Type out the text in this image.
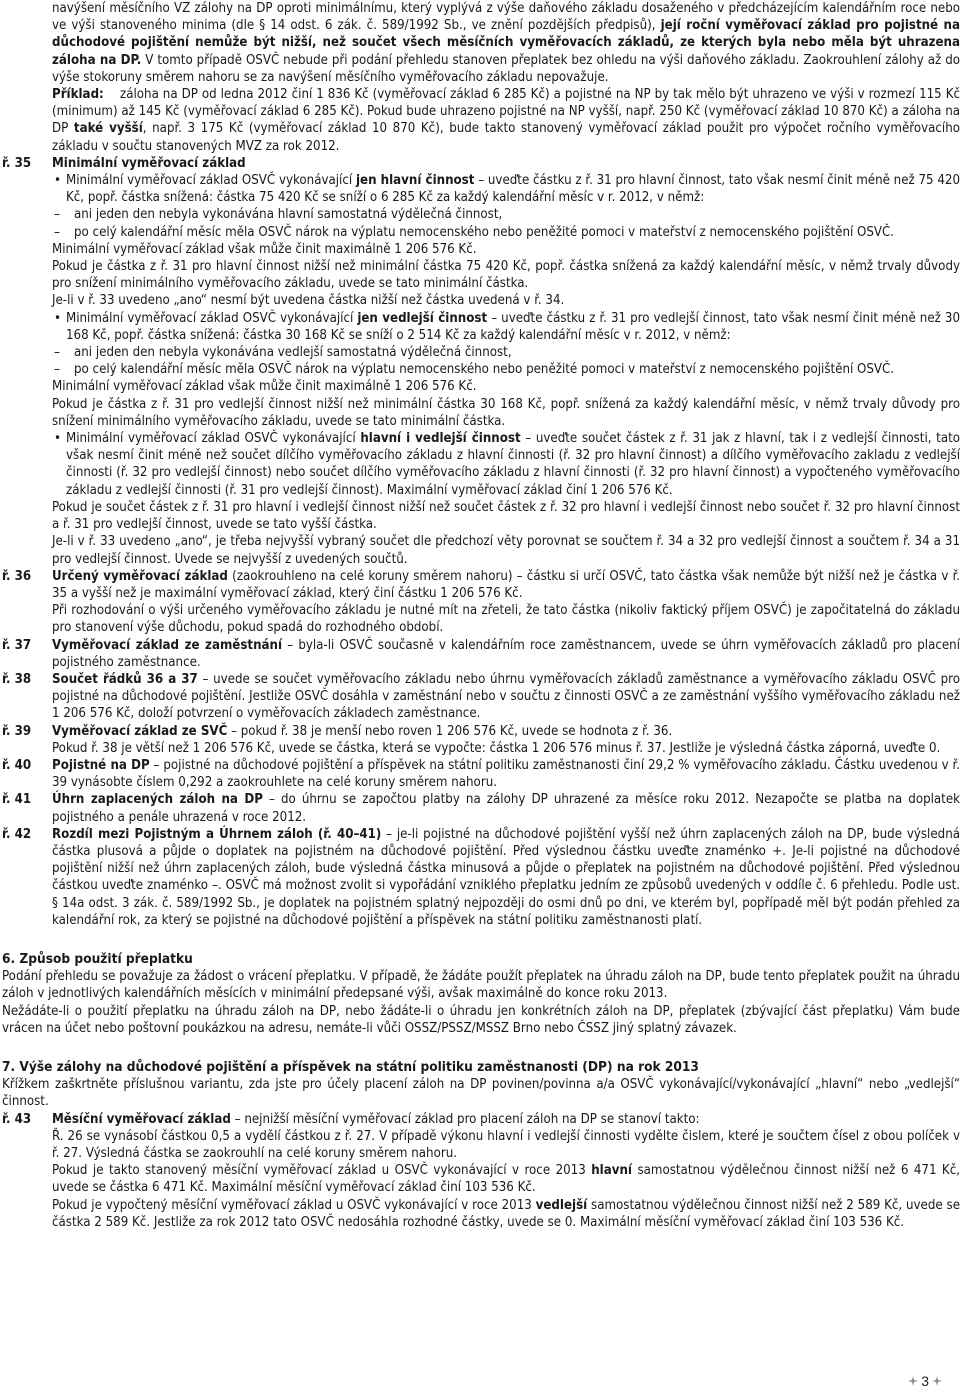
navýšení měsíčního VZ zálohy na DP oproti minimálnímu, který vyplývá z výše daňového základu dosaženého v předcházejícím kalendářním roce nebo ve výši stanoveného minima (dle § 14 odst. 6 zák. č. 589/1992 Sb., ve znění pozdějších předpisů), její roční vyměřovací základ pro pojistné na důchodové pojištění nemůže být nižší, než součet všech měsíčních vyměřovacích základů, ze kterých byla nebo měla být uhrazena záloha na DP. V tomto případě OSVČ nebude při podání přehledu stanoven přeplatek bez ohledu na výši daňového základu. Zaokrouhlení zálohy až do výše stokoruny směrem nahoru se za navýšení měsíčního vyměřovacího základu nepovažuje.

Příklad:	záloha na DP od ledna 2012 činí 1 836 Kč (vyměřovací základ 6 285 Kč) a pojistné na NP by tak mělo být uhrazeno ve výši v rozmezí 115 Kč (minimum) až 145 Kč (vyměřovací základ 6 285 Kč). Pokud bude uhrazeno pojistné na NP vyšší, např. 250 Kč (vyměřovací základ 10 870 Kč) a záloha na DP také vyšší, např. 3 175 Kč (vyměřovací základ 10 870 Kč), bude takto stanovený vyměřovací základ použit pro výpočet ročního vyměřovacího základu v součtu stanovených MVZ za rok 2012.

ř. 35 Minimální vyměřovací základ

• Minimální vyměřovací základ OSVČ vykonávající jen hlavní činnost – uveďte částku z ř. 31 pro hlavní činnost, tato však nesmí činit méně než 75 420 Kč, popř. částka snížená: částka 75 420 Kč se sníží o 6 285 Kč za každý kalendářní měsíc v r. 2012, v němž:

– ani jeden den nebyla vykonávána hlavní samostatná výdělečná činnost,

– po celý kalendářní měsíc měla OSVČ nárok na výplatu nemocenského nebo peněžité pomoci v mateřství z nemocenského pojištění OSVČ.

Minimální vyměřovací základ však může činit maximálně 1 206 576 Kč.

Pokud je částka z ř. 31 pro hlavní činnost nižší než minimální částka 75 420 Kč, popř. částka snížená za každý kalendářní měsíc, v němž trvaly důvody pro snížení minimálního vyměřovacího základu, uvede se tato minimální částka.

Je-li v ř. 33 uvedeno „ano“ nesmí být uvedena částka nižší než částka uvedená v ř. 34.

• Minimální vyměřovací základ OSVČ vykonávající jen vedlejší činnost – uveďte částku z ř. 31 pro vedlejší činnost, tato však nesmí činit méně než 30 168 Kč, popř. částka snížená: částka 30 168 Kč se sníží o 2 514 Kč za každý kalendářní měsíc v r. 2012, v němž:

– ani jeden den nebyla vykonávána vedlejší samostatná výdělečná činnost,

– po celý kalendářní měsíc měla OSVČ nárok na výplatu nemocenského nebo peněžité pomoci v mateřství z nemocenského pojištění OSVČ.

Minimální vyměřovací základ však může činit maximálně 1 206 576 Kč.

Pokud je částka z ř. 31 pro vedlejší činnost nižší než minimální částka 30 168 Kč, popř. snížená za každý kalendářní měsíc, v němž trvaly důvody pro snížení minimálního vyměřovacího základu, uvede se tato minimální částka.

• Minimální vyměřovací základ OSVČ vykonávající hlavní i vedlejší činnost – uveďte součet částek z ř. 31 jak z hlavní, tak i z vedlejší činnosti, tato však nesmí činit méně než součet dílčího vyměřovacího základu z hlavní činnosti (ř. 32 pro hlavní činnost) a dílčího vyměřovacího zakladu z vedlejší činnosti (ř. 32 pro vedlejší činnost) nebo součet dílčího vyměřovacího základu z hlavní činnosti (ř. 32 pro hlavní činnost) a vypočteného vyměřovacího základu z vedlejší činnosti (ř. 31 pro vedlejší činnost). Maximální vyměřovací základ činí 1 206 576 Kč.

Pokud je součet částek z ř. 31 pro hlavní i vedlejší činnost nižší než součet částek z ř. 32 pro hlavní i vedlejší činnost nebo součet ř. 32 pro hlavní činnost a ř. 31 pro vedlejší činnost, uvede se tato vyšší částka.

Je-li v ř. 33 uvedeno „ano“, je třeba nejvyšší vybraný součet dle předchozí věty porovnat se součtem ř. 34 a 32 pro vedlejší činnost a součtem ř. 34 a 31 pro vedlejší činnost. Uvede se nejvyšší z uvedených součtů.

ř. 36 Určený vyměřovací základ (zaokrouhleno na celé koruny směrem nahoru) – částku si určí OSVČ, tato částka však nemůže být nižší než je částka v ř. 35 a vyšší než je maximální vyměřovací základ, který činí částku 1 206 576 Kč.

Při rozhodování o výši určeného vyměřovacího základu je nutné mít na zřeteli, že tato částka (nikoliv faktický příjem OSVČ) je započitatelná do základu pro stanovení výše důchodu, pokud spadá do rozhodného období.

ř. 37 Vyměřovací základ ze zaměstnání – byla-li OSVČ současně v kalendářním roce zaměstnancem, uvede se úhrn vyměřovacích základů pro placení pojistného zaměstnance.

ř. 38 Součet řádků 36 a 37 – uvede se součet vyměřovacího základu nebo úhrnu vyměřovacích základů zaměstnance a vyměřovacího základu OSVČ pro pojistné na důchodové pojištění. Jestliže OSVČ dosáhla v zaměstnání nebo v součtu z činnosti OSVČ a ze zaměstnání vyššího vyměřovacího základu než 1 206 576 Kč, doloží potvrzení o vyměřovacích základech zaměstnance.

ř. 39 Vyměřovací základ ze SVČ – pokud ř. 38 je menší nebo roven 1 206 576 Kč, uvede se hodnota z ř. 36.

Pokud ř. 38 je větší než 1 206 576 Kč, uvede se částka, která se vypočte: částka 1 206 576 minus ř. 37. Jestliže je výsledná částka záporná, uveďte 0.

ř. 40 Pojistné na DP – pojistné na důchodové pojištění a příspěvek na státní politiku zaměstnanosti činí 29,2 % vyměřovacího základu. Částku uvedenou v ř. 39 vynásobte číslem 0,292 a zaokrouhlete na celé koruny směrem nahoru.

ř. 41 Úhrn zaplacených záloh na DP – do úhrnu se započtou platby na zálohy DP uhrazené za měsíce roku 2012. Nezapočte se platba na doplatek pojistného a penále uhrazená v roce 2012.

ř. 42 Rozdíl mezi Pojistným a Úhrnem záloh (ř. 40–41) – je-li pojistné na důchodové pojištění vyšší než úhrn zaplacených záloh na DP, bude výsledná částka plusová a půjde o doplatek na pojistném na důchodové pojištění. Před výslednou částku uveďte znaménko +. Je-li pojistné na důchodové pojištění nižší než úhrn zaplacených záloh, bude výsledná částka minusová a půjde o přeplatek na pojistném na důchodové pojištění. Před výslednou částkou uveďte znaménko –. OSVČ má možnost zvolit si vypořádání vzniklého přeplatku jedním ze způsobů uvedených v oddíle č. 6 přehledu. Podle ust. § 14a odst. 3 zák. č. 589/1992 Sb., je doplatek na pojistném splatný nejpozději do osmi dnů po dni, ve kterém byl, popřípadě měl být podán přehled za kalendářní rok, za který se pojistné na důchodové pojištění a příspěvek na státní politiku zaměstnanosti platí.

6. Způsob použití přeplatku

Podání přehledu se považuje za žádost o vrácení přeplatku. V případě, že žádáte použít přeplatek na úhradu záloh na DP, bude tento přeplatek použit na úhradu záloh v jednotlivých kalendářních měsících v minimální předepsané výši, avšak maximálně do konce roku 2013.

Nežádáte-li o použití přeplatku na úhradu záloh na DP, nebo žádáte-li o úhradu jen konkrétních záloh na DP, přeplatek (zbývající část přeplatku) Vám bude vrácen na účet nebo poštovní poukázkou na adresu, nemáte-li vůči OSSZ/PSSZ/MSSZ Brno nebo ČSSZ jiný splatný závazek.

7. Výše zálohy na důchodové pojištění a příspěvek na státní politiku zaměstnanosti (DP) na rok 2013

Křížkem zaškrtněte příslušnou variantu, zda jste pro účely placení záloh na DP povinen/povinna a/a OSVČ vykonávající/vykonávající „hlavní“ nebo „vedlejší“ činnost.

ř. 43 Měsíční vyměřovací základ – nejnižší měsíční vyměřovací základ pro placení záloh na DP se stanoví takto:

Ř. 26 se vynásobí částkou 0,5 a vydělí částkou z ř. 27. V případě výkonu hlavní i vedlejší činnosti vydělte čislem, které je součtem čísel z obou políček v ř. 27. Výsledná částka se zaokrouhlí na celé koruny směrem nahoru.

Pokud je takto stanovený měsíční vyměřovací základ u OSVČ vykonávající v roce 2013 hlavní samostatnou výdělečnou činnost nižší než 6 471 Kč, uvede se částka 6 471 Kč. Maximální měsíční vyměřovací základ činí 103 536 Kč.

Pokud je vypočtený měsíční vyměřovací základ u OSVČ vykonávající v roce 2013 vedlejší samostatnou výdělečnou činnost nižší než 2 589 Kč, uvede se částka 2 589 Kč. Jestliže za rok 2012 tato OSVČ nedosáhla rozhodné částky, uvede se 0. Maximální měsíční vyměřovací základ činí 103 536 Kč.

3
